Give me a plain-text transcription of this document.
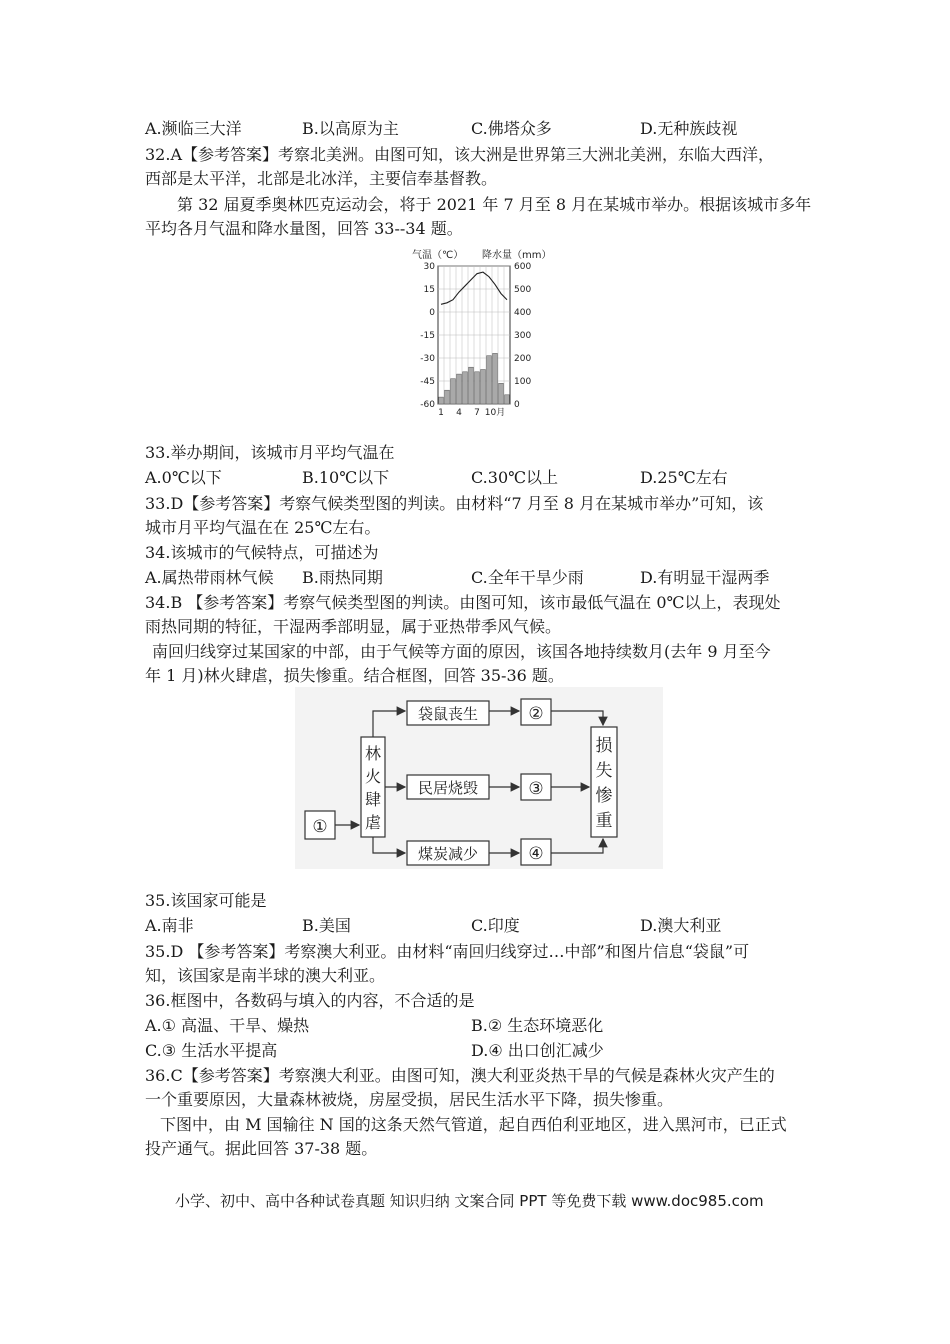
A.濒临三大洋	B.以高原为主	C.佛塔众多	D.无种族歧视
32.A【参考答案】考察北美洲。由图可知，该大洲是世界第三大洲北美洲，东临大西洋，
西部是太平洋，北部是北冰洋，主要信奉基督教。
第 32 届夏季奥林匹克运动会，将于 2021 年 7 月至 8 月在某城市举办。根据该城市多年
平均各月气温和降水量图，回答 33--34 题。
气温（℃） 降水量（mm）
30
15
0
-15
-30
-45
-60
600
500
400
300
200
100
0
1 4 7 10月
33.举办期间，该城市月平均气温在
A.0℃以下	B.10℃以下	C.30℃以上	D.25℃左右
33.D【参考答案】考察气候类型图的判读。由材料“7 月至 8 月在某城市举办”可知，该
城市月平均气温在在 25℃左右。
34.该城市的气候特点，可描述为
A.属热带雨林气候 B.雨热同期	C.全年干旱少雨	D.有明显干湿两季
34.B 【参考答案】考察气候类型图的判读。由图可知，该市最低气温在 0℃以上，表现处
雨热同期的特征，干湿两季部明显，属于亚热带季风气候。
南回归线穿过某国家的中部，由于气候等方面的原因，该国各地持续数月(去年 9 月至今
年 1 月)林火肆虐，损失惨重。结合框图，回答 35-36 题。
①
林
火
肆
虐
袋鼠丧生
民居烧毁
煤炭减少
②
③
④
损
失
惨
重
35.该国家可能是
A.南非	B.美国	C.印度	D.澳大利亚
35.D 【参考答案】考察澳大利亚。由材料“南回归线穿过…中部”和图片信息“袋鼠”可
知，该国家是南半球的澳大利亚。
36.框图中，各数码与填入的内容，不合适的是
A.① 高温、干旱、燥热	B.② 生态环境恶化
C.③ 生活水平提高	D.④ 出口创汇减少
36.C【参考答案】考察澳大利亚。由图可知，澳大利亚炎热干旱的气候是森林火灾产生的
一个重要原因，大量森林被烧，房屋受损，居民生活水平下降，损失惨重。
下图中，由 M 国输往 N 国的这条天然气管道，起自西伯利亚地区，进入黑河市，已正式
投产通气。据此回答 37-38 题。
小学、初中、高中各种试卷真题 知识归纳 文案合同 PPT 等免费下载 www.doc985.com
